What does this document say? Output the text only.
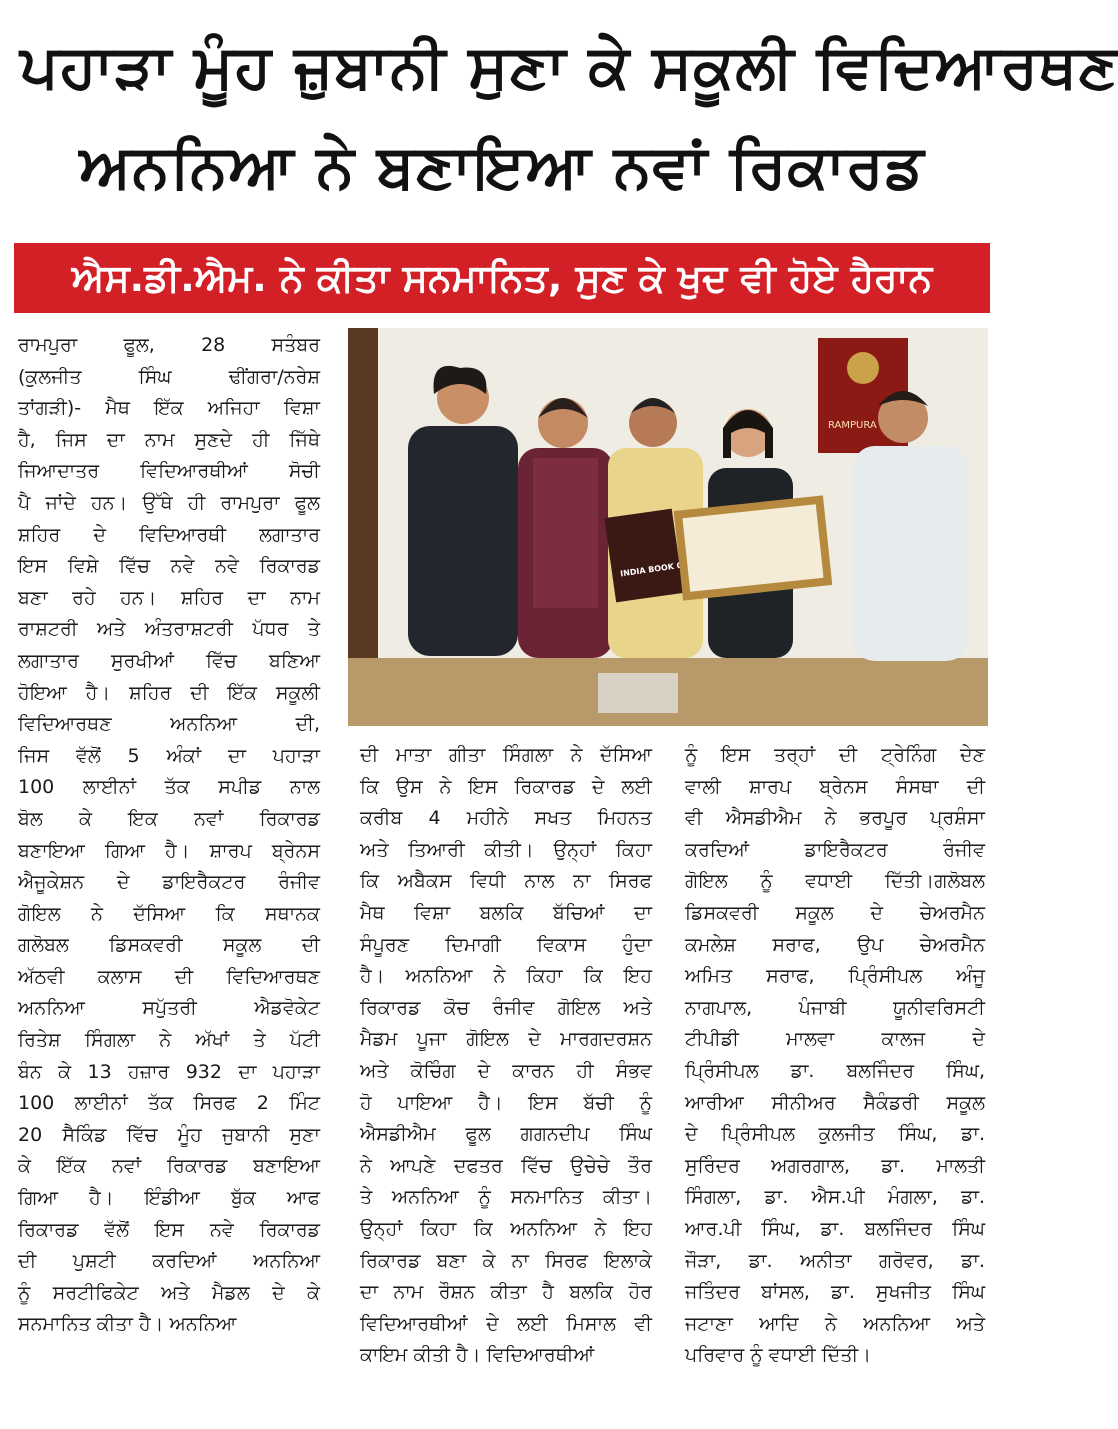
ਪਹਾੜਾ ਮੂੰਹ ਜ਼ੁਬਾਨੀ ਸੁਣਾ ਕੇ ਸਕੂਲੀ ਵਿਦਿਆਰਥਣ
ਅਨਨਿਆ ਨੇ ਬਣਾਇਆ ਨਵਾਂ ਰਿਕਾਰਡ
ਐਸ.ਡੀ.ਐਮ. ਨੇ ਕੀਤਾ ਸਨਮਾਨਿਤ, ਸੁਣ ਕੇ ਖੁਦ ਵੀ ਹੋਏ ਹੈਰਾਨ
ਰਾਮਪੁਰਾ ਫੂਲ, 28 ਸਤੰਬਰ
(ਕੁਲਜੀਤ ਸਿੰਘ ਢੀਂਗਰਾ/ਨਰੇਸ਼
ਤਾਂਗੜੀ)- ਮੈਥ ਇੱਕ ਅਜਿਹਾ ਵਿਸ਼ਾ
ਹੈ, ਜਿਸ ਦਾ ਨਾਮ ਸੁਣਦੇ ਹੀ ਜਿੱਥੇ
ਜਿਆਦਾਤਰ ਵਿਦਿਆਰਥੀਆਂ ਸੋਚੀ
ਪੈ ਜਾਂਦੇ ਹਨ। ਉੱਥੇ ਹੀ ਰਾਮਪੁਰਾ ਫੂਲ
ਸ਼ਹਿਰ ਦੇ ਵਿਦਿਆਰਥੀ ਲਗਾਤਾਰ
ਇਸ ਵਿਸ਼ੇ ਵਿੱਚ ਨਵੇ ਨਵੇ ਰਿਕਾਰਡ
ਬਣਾ ਰਹੇ ਹਨ। ਸ਼ਹਿਰ ਦਾ ਨਾਮ
ਰਾਸ਼ਟਰੀ ਅਤੇ ਅੰਤਰਾਸ਼ਟਰੀ ਪੱਧਰ ਤੇ
ਲਗਾਤਾਰ ਸੁਰਖੀਆਂ ਵਿੱਚ ਬਣਿਆ
ਹੋਇਆ ਹੈ। ਸ਼ਹਿਰ ਦੀ ਇੱਕ ਸਕੂਲੀ
ਵਿਦਿਆਰਥਣ ਅਨਨਿਆ ਦੀ,
ਜਿਸ ਵੱਲੋਂ 5 ਅੰਕਾਂ ਦਾ ਪਹਾੜਾ
100 ਲਾਈਨਾਂ ਤੱਕ ਸਪੀਡ ਨਾਲ
ਬੋਲ ਕੇ ਇਕ ਨਵਾਂ ਰਿਕਾਰਡ
ਬਣਾਇਆ ਗਿਆ ਹੈ। ਸ਼ਾਰਪ ਬ੍ਰੇਨਸ
ਐਜੂਕੇਸ਼ਨ ਦੇ ਡਾਇਰੈਕਟਰ ਰੰਜੀਵ
ਗੋਇਲ ਨੇ ਦੱਸਿਆ ਕਿ ਸਥਾਨਕ
ਗਲੋਬਲ ਡਿਸਕਵਰੀ ਸਕੂਲ ਦੀ
ਅੱਠਵੀ ਕਲਾਸ ਦੀ ਵਿਦਿਆਰਥਣ
ਅਨਨਿਆ ਸਪੁੱਤਰੀ ਐਡਵੋਕੇਟ
ਰਿਤੇਸ਼ ਸਿੰਗਲਾ ਨੇ ਅੱਖਾਂ ਤੇ ਪੱਟੀ
ਬੰਨ ਕੇ 13 ਹਜ਼ਾਰ 932 ਦਾ ਪਹਾੜਾ
100 ਲਾਈਨਾਂ ਤੱਕ ਸਿਰਫ 2 ਮਿੰਟ
20 ਸੈਕਿੰਡ ਵਿੱਚ ਮੂੰਹ ਜੁਬਾਨੀ ਸੁਣਾ
ਕੇ ਇੱਕ ਨਵਾਂ ਰਿਕਾਰਡ ਬਣਾਇਆ
ਗਿਆ ਹੈ। ਇੰਡੀਆ ਬੁੱਕ ਆਫ
ਰਿਕਾਰਡ ਵੱਲੋਂ ਇਸ ਨਵੇ ਰਿਕਾਰਡ
ਦੀ ਪੁਸ਼ਟੀ ਕਰਦਿਆਂ ਅਨਨਿਆ
ਨੂੰ ਸਰਟੀਫਿਕੇਟ ਅਤੇ ਮੈਡਲ ਦੇ ਕੇ
ਸਨਮਾਨਿਤ ਕੀਤਾ ਹੈ। ਅਨਨਿਆ
RAMPURA
INDIA BOOK
ਦੀ ਮਾਤਾ ਗੀਤਾ ਸਿੰਗਲਾ ਨੇ ਦੱਸਿਆ
ਕਿ ਉਸ ਨੇ ਇਸ ਰਿਕਾਰਡ ਦੇ ਲਈ
ਕਰੀਬ 4 ਮਹੀਨੇ ਸਖਤ ਮਿਹਨਤ
ਅਤੇ ਤਿਆਰੀ ਕੀਤੀ। ਉਨ੍ਹਾਂ ਕਿਹਾ
ਕਿ ਅਬੈਕਸ ਵਿਧੀ ਨਾਲ ਨਾ ਸਿਰਫ
ਮੈਥ ਵਿਸ਼ਾ ਬਲਕਿ ਬੱਚਿਆਂ ਦਾ
ਸੰਪੂਰਣ ਦਿਮਾਗੀ ਵਿਕਾਸ ਹੁੰਦਾ
ਹੈ। ਅਨਨਿਆ ਨੇ ਕਿਹਾ ਕਿ ਇਹ
ਰਿਕਾਰਡ ਕੋਚ ਰੰਜੀਵ ਗੋਇਲ ਅਤੇ
ਮੈਡਮ ਪੂਜਾ ਗੋਇਲ ਦੇ ਮਾਰਗਦਰਸ਼ਨ
ਅਤੇ ਕੋਚਿੰਗ ਦੇ ਕਾਰਨ ਹੀ ਸੰਭਵ
ਹੋ ਪਾਇਆ ਹੈ। ਇਸ ਬੱਚੀ ਨੂੰ
ਐਸਡੀਐਮ ਫੂਲ ਗਗਨਦੀਪ ਸਿੰਘ
ਨੇ ਆਪਣੇ ਦਫਤਰ ਵਿੱਚ ਉਚੇਚੇ ਤੌਰ
ਤੇ ਅਨਨਿਆ ਨੂੰ ਸਨਮਾਨਿਤ ਕੀਤਾ।
ਉਨ੍ਹਾਂ ਕਿਹਾ ਕਿ ਅਨਨਿਆ ਨੇ ਇਹ
ਰਿਕਾਰਡ ਬਣਾ ਕੇ ਨਾ ਸਿਰਫ ਇਲਾਕੇ
ਦਾ ਨਾਮ ਰੌਸ਼ਨ ਕੀਤਾ ਹੈ ਬਲਕਿ ਹੋਰ
ਵਿਦਿਆਰਥੀਆਂ ਦੇ ਲਈ ਮਿਸਾਲ ਵੀ
ਕਾਇਮ ਕੀਤੀ ਹੈ। ਵਿਦਿਆਰਥੀਆਂ
ਨੂੰ ਇਸ ਤਰ੍ਹਾਂ ਦੀ ਟ੍ਰੇਨਿੰਗ ਦੇਣ
ਵਾਲੀ ਸ਼ਾਰਪ ਬ੍ਰੇਨਸ ਸੰਸਥਾ ਦੀ
ਵੀ ਐਸਡੀਐਮ ਨੇ ਭਰਪੂਰ ਪ੍ਰਸ਼ੰਸਾ
ਕਰਦਿਆਂ ਡਾਇਰੈਕਟਰ ਰੰਜੀਵ
ਗੋਇਲ ਨੂੰ ਵਧਾਈ ਦਿੱਤੀ।ਗਲੋਬਲ
ਡਿਸਕਵਰੀ ਸਕੂਲ ਦੇ ਚੇਅਰਮੈਨ
ਕਮਲੇਸ਼ ਸਰਾਫ, ਉਪ ਚੇਅਰਮੈਨ
ਅਮਿਤ ਸਰਾਫ, ਪ੍ਰਿੰਸੀਪਲ ਅੰਜੂ
ਨਾਗਪਾਲ, ਪੰਜਾਬੀ ਯੂਨੀਵਰਿਸਟੀ
ਟੀਪੀਡੀ ਮਾਲਵਾ ਕਾਲਜ ਦੇ
ਪ੍ਰਿੰਸੀਪਲ ਡਾ. ਬਲਜਿੰਦਰ ਸਿੰਘ,
ਆਰੀਆ ਸੀਨੀਅਰ ਸੈਕੰਡਰੀ ਸਕੂਲ
ਦੇ ਪ੍ਰਿੰਸੀਪਲ ਕੁਲਜੀਤ ਸਿੰਘ, ਡਾ.
ਸੁਰਿੰਦਰ ਅਗਰਗਾਲ, ਡਾ. ਮਾਲਤੀ
ਸਿੰਗਲਾ, ਡਾ. ਐਸ.ਪੀ ਮੰਗਲਾ, ਡਾ.
ਆਰ.ਪੀ ਸਿੰਘ, ਡਾ. ਬਲਜਿੰਦਰ ਸਿੰਘ
ਜੌੜਾ, ਡਾ. ਅਨੀਤਾ ਗਰੋਵਰ, ਡਾ.
ਜਤਿੰਦਰ ਬਾਂਸਲ, ਡਾ. ਸੁਖਜੀਤ ਸਿੰਘ
ਜਟਾਣਾ ਆਦਿ ਨੇ ਅਨਨਿਆ ਅਤੇ
ਪਰਿਵਾਰ ਨੂੰ ਵਧਾਈ ਦਿੱਤੀ।
